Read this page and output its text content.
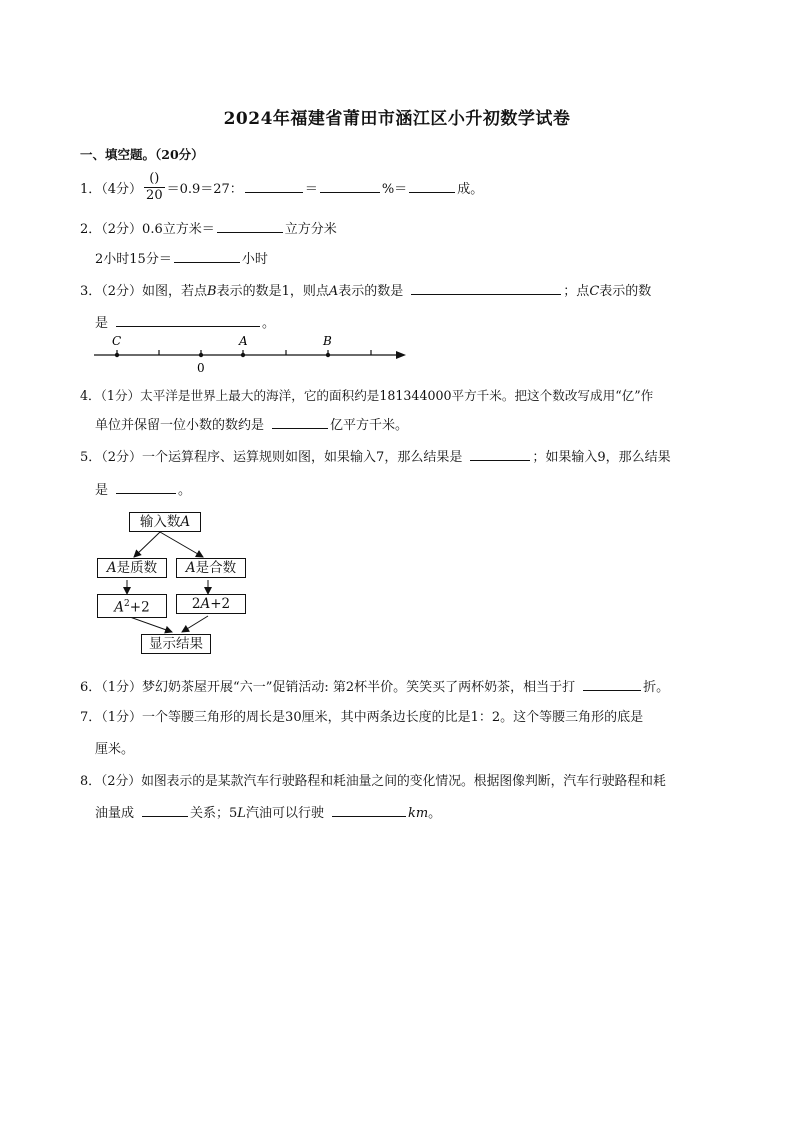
2024年福建省莆田市涵江区小升初数学试卷
一、填空题。（20分）
1．（4分） $\frac{()}{20} =0.9=27$：	＝	%＝	成。
2．（2分）0.6立方米＝	立方分米
2小时15分＝	小时
3．（2分）如图，若点B表示的数是1，则点A表示的数是	；点C表示的数
是	。
C	A	B
0
4．（1分）太平洋是世界上最大的海洋，它的面积约是181344000平方千米。把这个数改写成用“亿”作
单位并保留一位小数的数约是	亿平方千米。
5．（2分）一个运算程序、运算规则如图，如果输入7，那么结果是	；如果输入9，那么结果
是	。
输入数A
A是质数	A是合数
$A^2+2$	2A+2
显示结果
6．（1分）梦幻奶茶屋开展“六一”促销活动: 第2杯半价。笑笑买了两杯奶茶，相当于打	折。
7．（1分）一个等腰三角形的周长是30厘米，其中两条边长度的比是1：2。这个等腰三角形的底是
厘米。
8．（2分）如图表示的是某款汽车行驶路程和耗油量之间的变化情况。根据图像判断，汽车行驶路程和耗
油量成	关系；5L汽油可以行驶	km。
